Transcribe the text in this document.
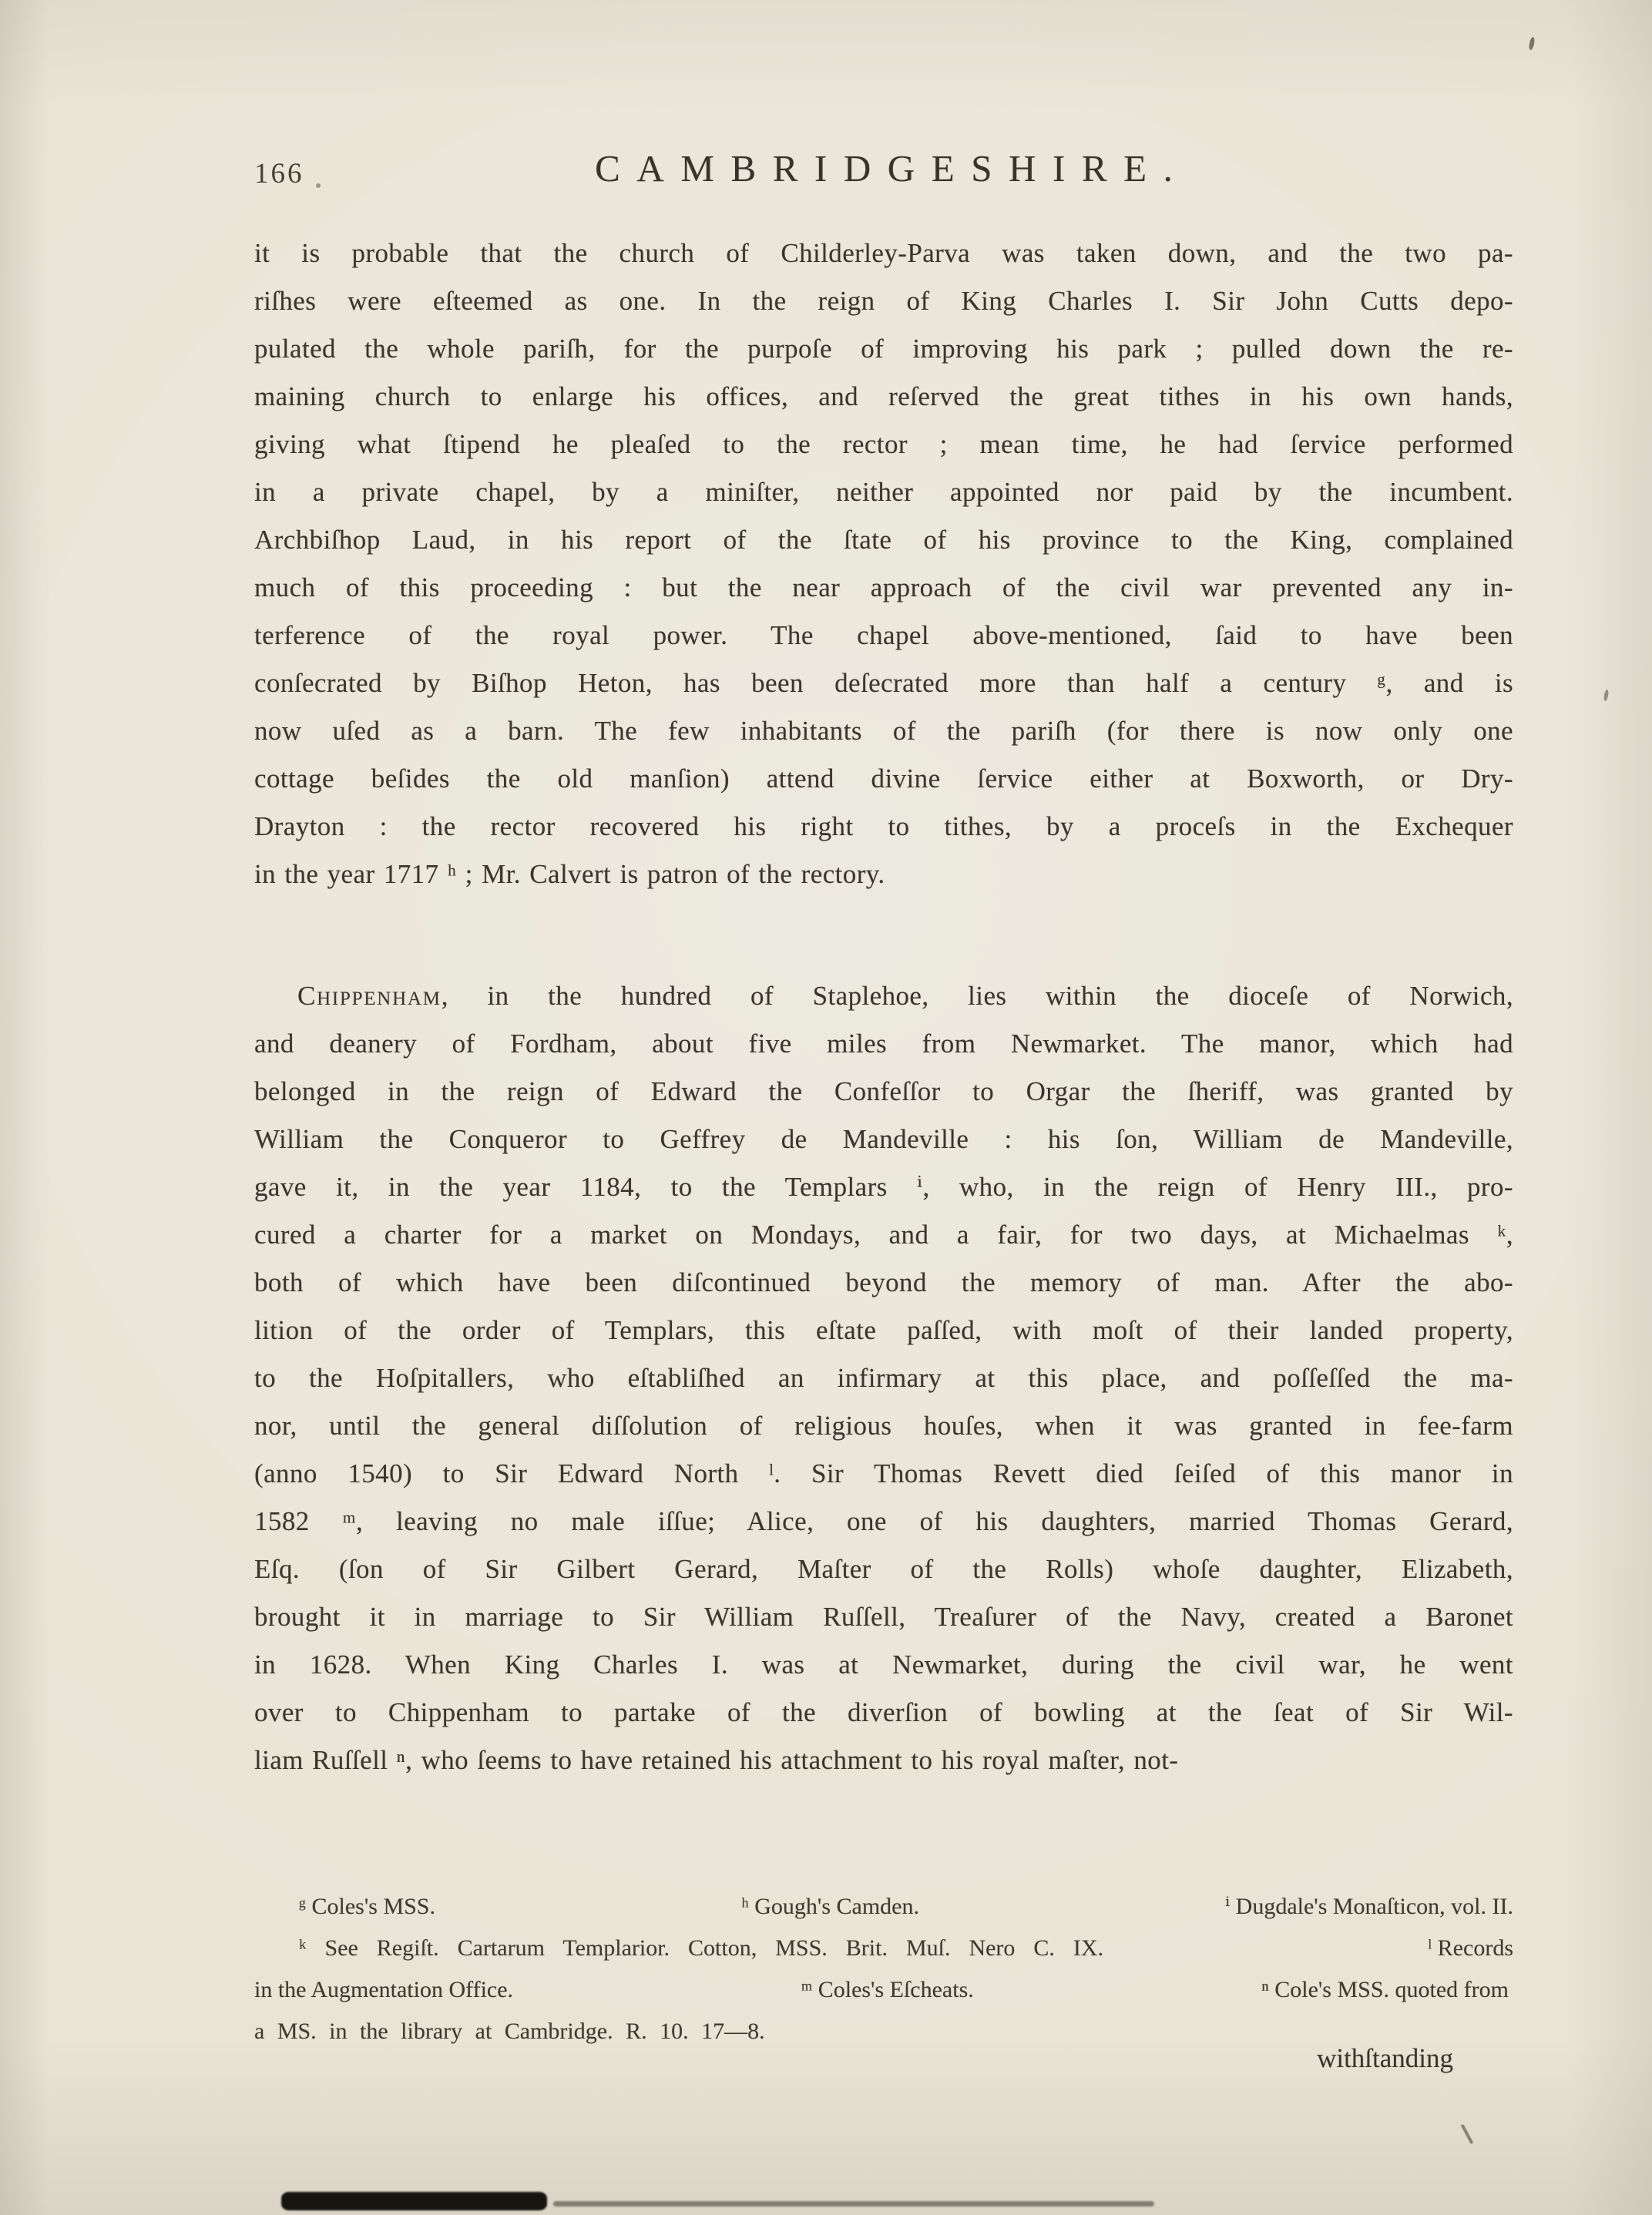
166	CAMBRIDGESHIRE.
it is probable that the church of Childerley-Parva was taken down, and the two pa-
riſhes were eſteemed as one. In the reign of King Charles I. Sir John Cutts depo-
pulated the whole pariſh, for the purpoſe of improving his park ; pulled down the re-
maining church to enlarge his offices, and reſerved the great tithes in his own hands,
giving what ſtipend he pleaſed to the rector ; mean time, he had ſervice performed
in a private chapel, by a miniſter, neither appointed nor paid by the incumbent.
Archbiſhop Laud, in his report of the ſtate of his province to the King, complained
much of this proceeding : but the near approach of the civil war prevented any in-
terference of the royal power. The chapel above-mentioned, ſaid to have been
conſecrated by Biſhop Heton, has been deſecrated more than half a century ᵍ, and is
now uſed as a barn. The few inhabitants of the pariſh (for there is now only one
cottage beſides the old manſion) attend divine ſervice either at Boxworth, or Dry-
Drayton : the rector recovered his right to tithes, by a proceſs in the Exchequer
in the year 1717 ʰ ; Mr. Calvert is patron of the rectory.
Chippenham, in the hundred of Staplehoe, lies within the dioceſe of Norwich,
and deanery of Fordham, about five miles from Newmarket. The manor, which had
belonged in the reign of Edward the Confeſſor to Orgar the ſheriff, was granted by
William the Conqueror to Geffrey de Mandeville : his ſon, William de Mandeville,
gave it, in the year 1184, to the Templars ⁱ, who, in the reign of Henry III., pro-
cured a charter for a market on Mondays, and a fair, for two days, at Michaelmas ᵏ,
both of which have been diſcontinued beyond the memory of man. After the abo-
lition of the order of Templars, this eſtate paſſed, with moſt of their landed property,
to the Hoſpitallers, who eſtabliſhed an infirmary at this place, and poſſeſſed the ma-
nor, until the general diſſolution of religious houſes, when it was granted in fee-farm
(anno 1540) to Sir Edward North ˡ. Sir Thomas Revett died ſeiſed of this manor in
1582 ᵐ, leaving no male iſſue; Alice, one of his daughters, married Thomas Gerard,
Eſq. (ſon of Sir Gilbert Gerard, Maſter of the Rolls) whoſe daughter, Elizabeth,
brought it in marriage to Sir William Ruſſell, Treaſurer of the Navy, created a Baronet
in 1628. When King Charles I. was at Newmarket, during the civil war, he went
over to Chippenham to partake of the diverſion of bowling at the ſeat of Sir Wil-
liam Ruſſell ⁿ, who ſeems to have retained his attachment to his royal maſter, not-
ᵍ Coles's MSS.	ʰ Gough's Camden.	ⁱ Dugdale's Monaſticon, vol. II.
ᵏ See Regiſt. Cartarum Templarior. Cotton, MSS. Brit. Muſ. Nero C. IX.	ˡ Records
in the Augmentation Office.	ᵐ Coles's Eſcheats.	ⁿ Cole's MSS. quoted from
a MS. in the library at Cambridge. R. 10. 17—8.
withſtanding
